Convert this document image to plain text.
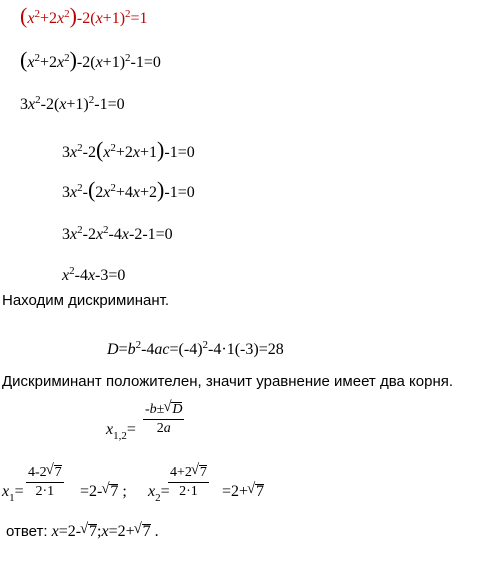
$(x^2+2x^2)-2(x+1)^2=1$
$(x^2+2x^2)-2(x+1)^2-1=0$
$3x^2-2(x+1)^2-1=0$
$3x^2-2(x^2+2x+1)-1=0$
$3x^2-(2x^2+4x+2)-1=0$
$3x^2-2x^2-4x-2-1=0$
$x^2-4x-3=0$
Находим дискриминант.
$D=b^2-4ac=(-4)^2-4\cdot 1(-3)=28$
Дискриминант положителен, значит уравнение имеет два корня.
$x_{1,2}=$
-b± √ D
2a
$x_1=$
4-2 √ 7
2·1	=2- √ 7 ; $x_2=$
4+2 √ 7
2·1	=2+ √ 7
ответ: x=2- √ 7;x=2+ √ 7 .
